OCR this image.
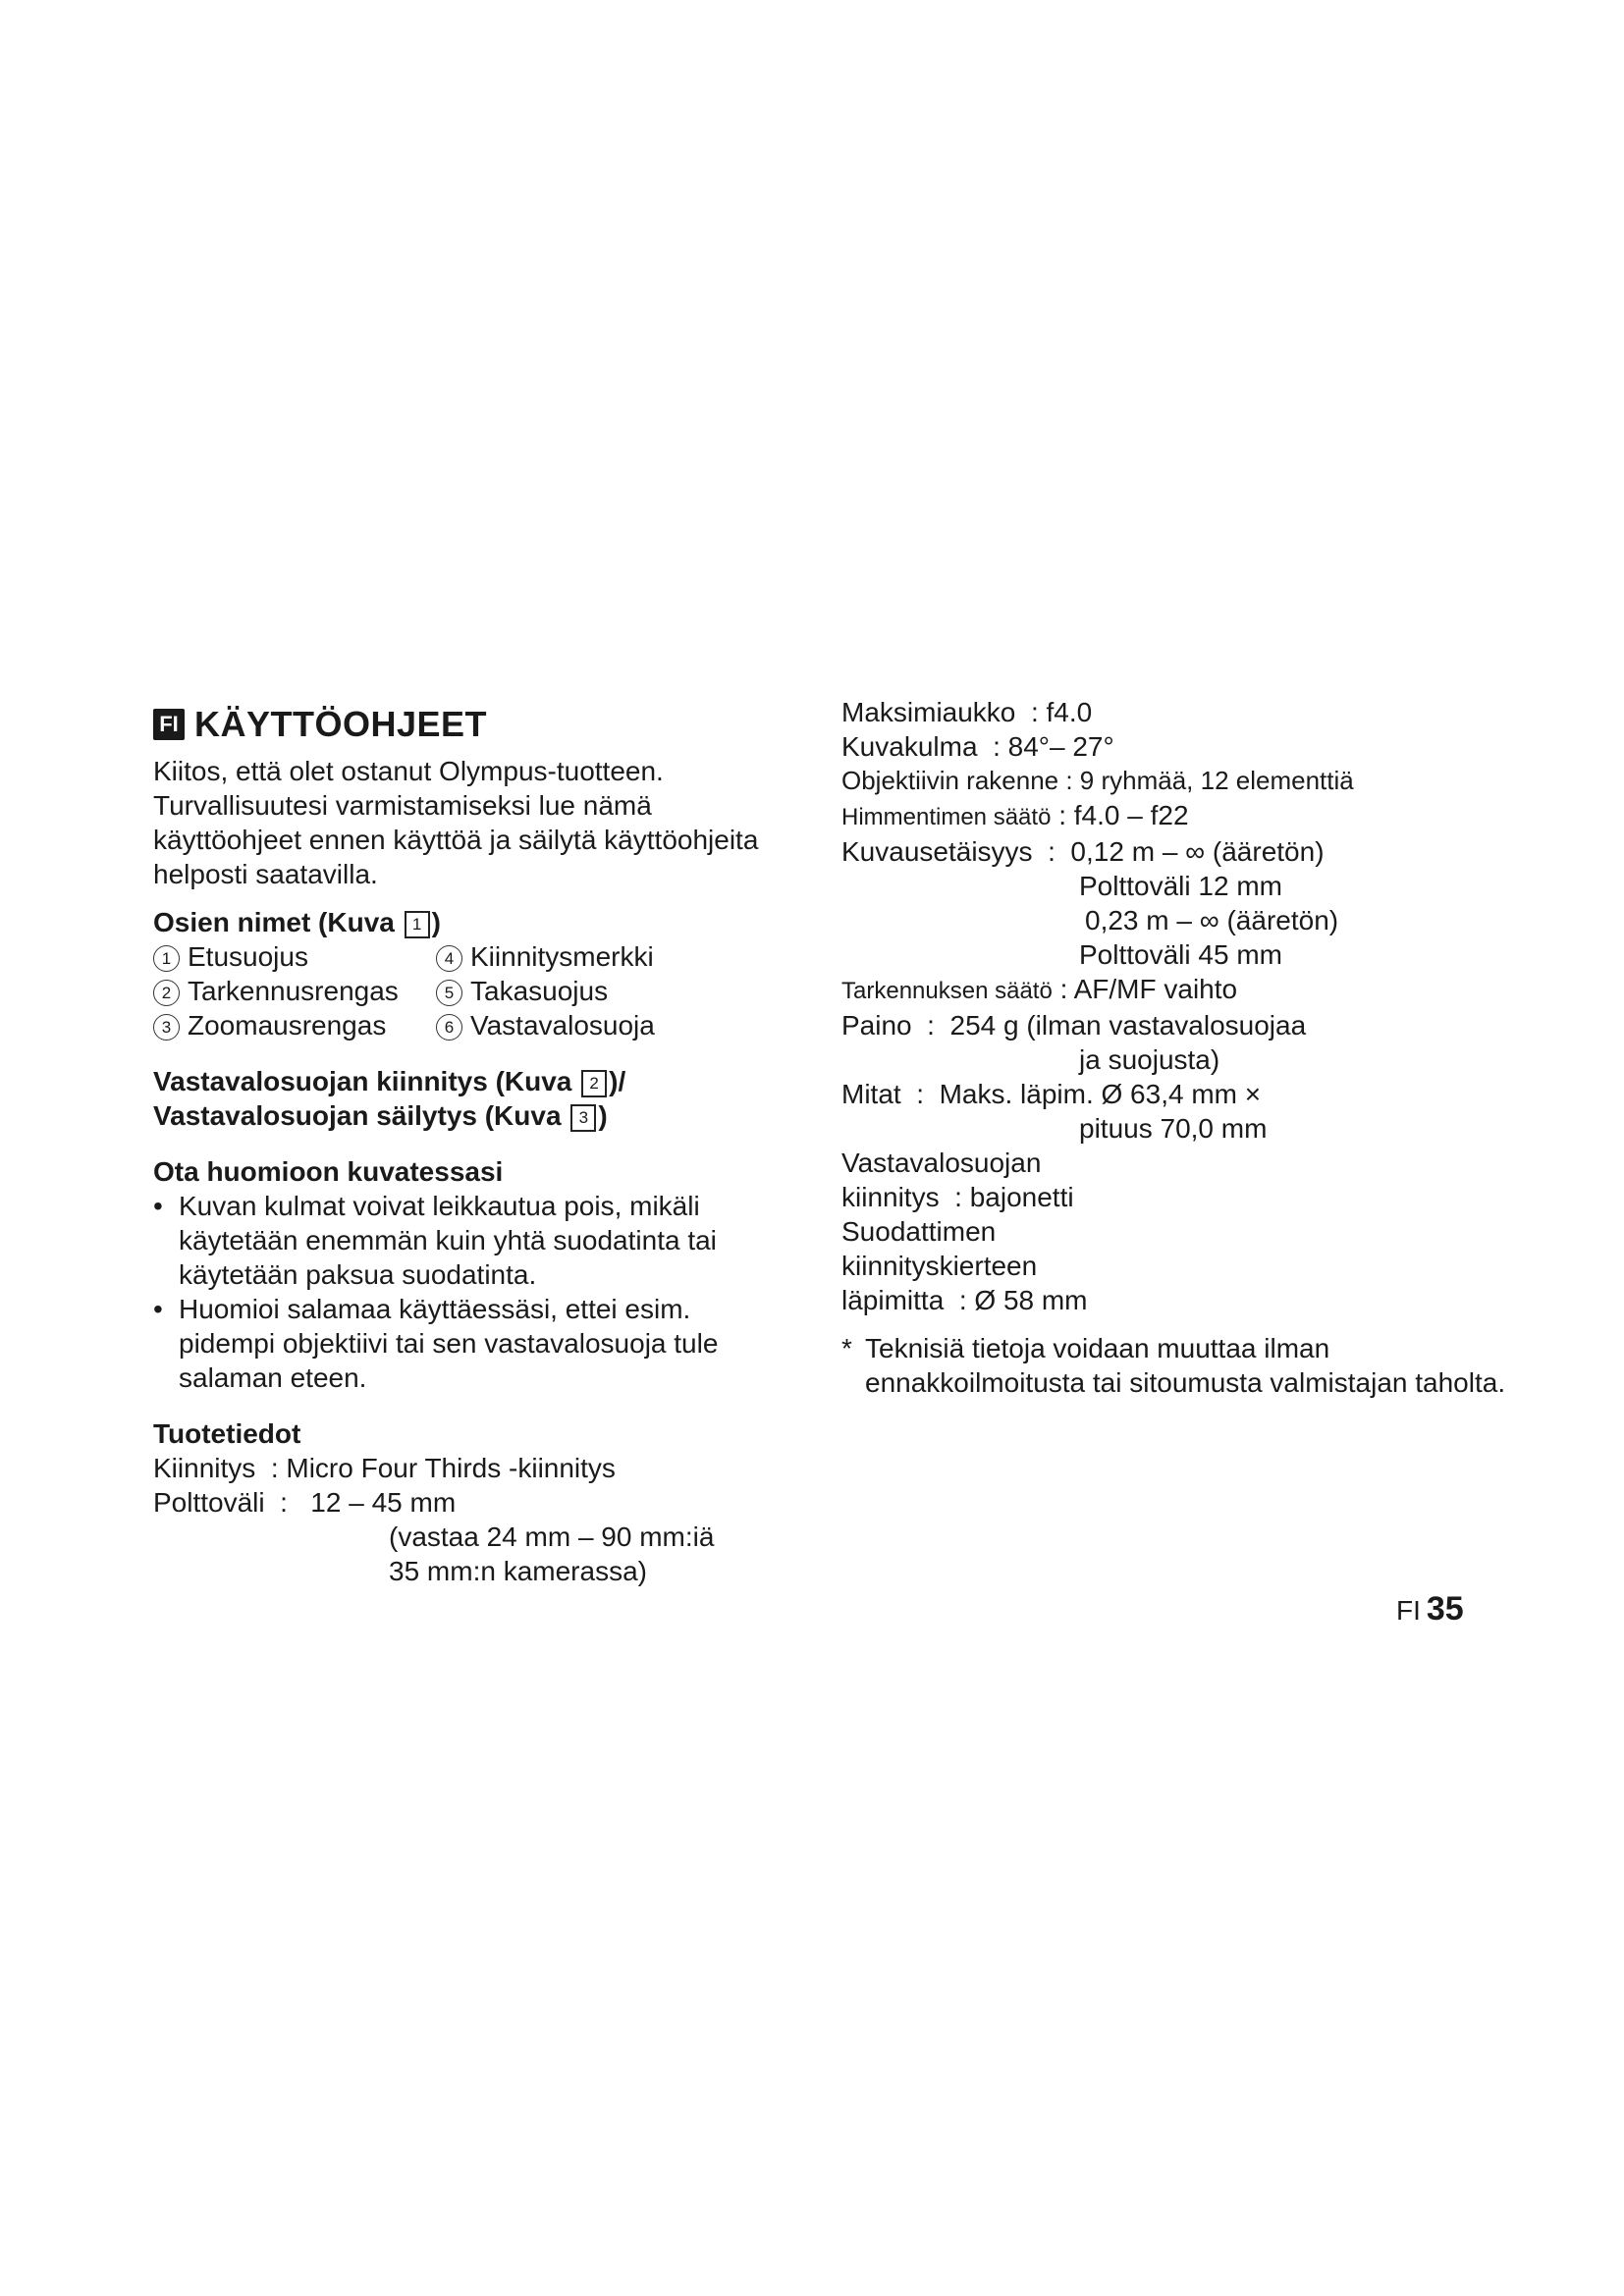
FI KÄYTTÖOHJEET

Kiitos, että olet ostanut Olympus-tuotteen. Turvallisuutesi varmistamiseksi lue nämä käyttöohjeet ennen käyttöä ja säilytä käyttöohjeita helposti saatavilla.

Osien nimet (Kuva 1 )
1 Etusuojus	4 Kiinnitysmerkki
2 Tarkennusrengas	5 Takasuojus
3 Zoomausrengas	6 Vastavalosuoja
Vastavalosuojan kiinnitys (Kuva 2 )/
Vastavalosuojan säilytys (Kuva 3 )
Ota huomioon kuvatessasi
• Kuvan kulmat voivat leikkautua pois, mikäli käytetään enemmän kuin yhtä suodatinta tai käytetään paksua suodatinta.
• Huomioi salamaa käyttäessäsi, ettei esim. pidempi objektiivi tai sen vastavalosuoja tule salaman eteen.
Tuotetiedot
Kiinnitys  : Micro Four Thirds -kiinnitys
Polttoväli  :   12 – 45 mm
(vastaa 24 mm – 90 mm:iä
35 mm:n kamerassa)
Maksimiaukko  : f4.0
Kuvakulma  : 84°– 27°
Objektiivin rakenne : 9 ryhmää, 12 elementtiä
Himmentimen säätö : f4.0 – f22
Kuvausetäisyys  :  0,12 m – ∞ (ääretön)
Polttoväli 12 mm
0,23 m – ∞ (ääretön)
Polttoväli 45 mm
Tarkennuksen säätö : AF/MF vaihto
Paino  :  254 g (ilman vastavalosuojaa
ja suojusta)
Mitat  :  Maks. läpim. Ø 63,4 mm ×
pituus 70,0 mm
Vastavalosuojan
kiinnitys  : bajonetti
Suodattimen
kiinnityskierteen
läpimitta  : Ø 58 mm
* Teknisiä tietoja voidaan muuttaa ilman ennakkoilmoitusta tai sitoumusta valmistajan taholta.
FI 35
